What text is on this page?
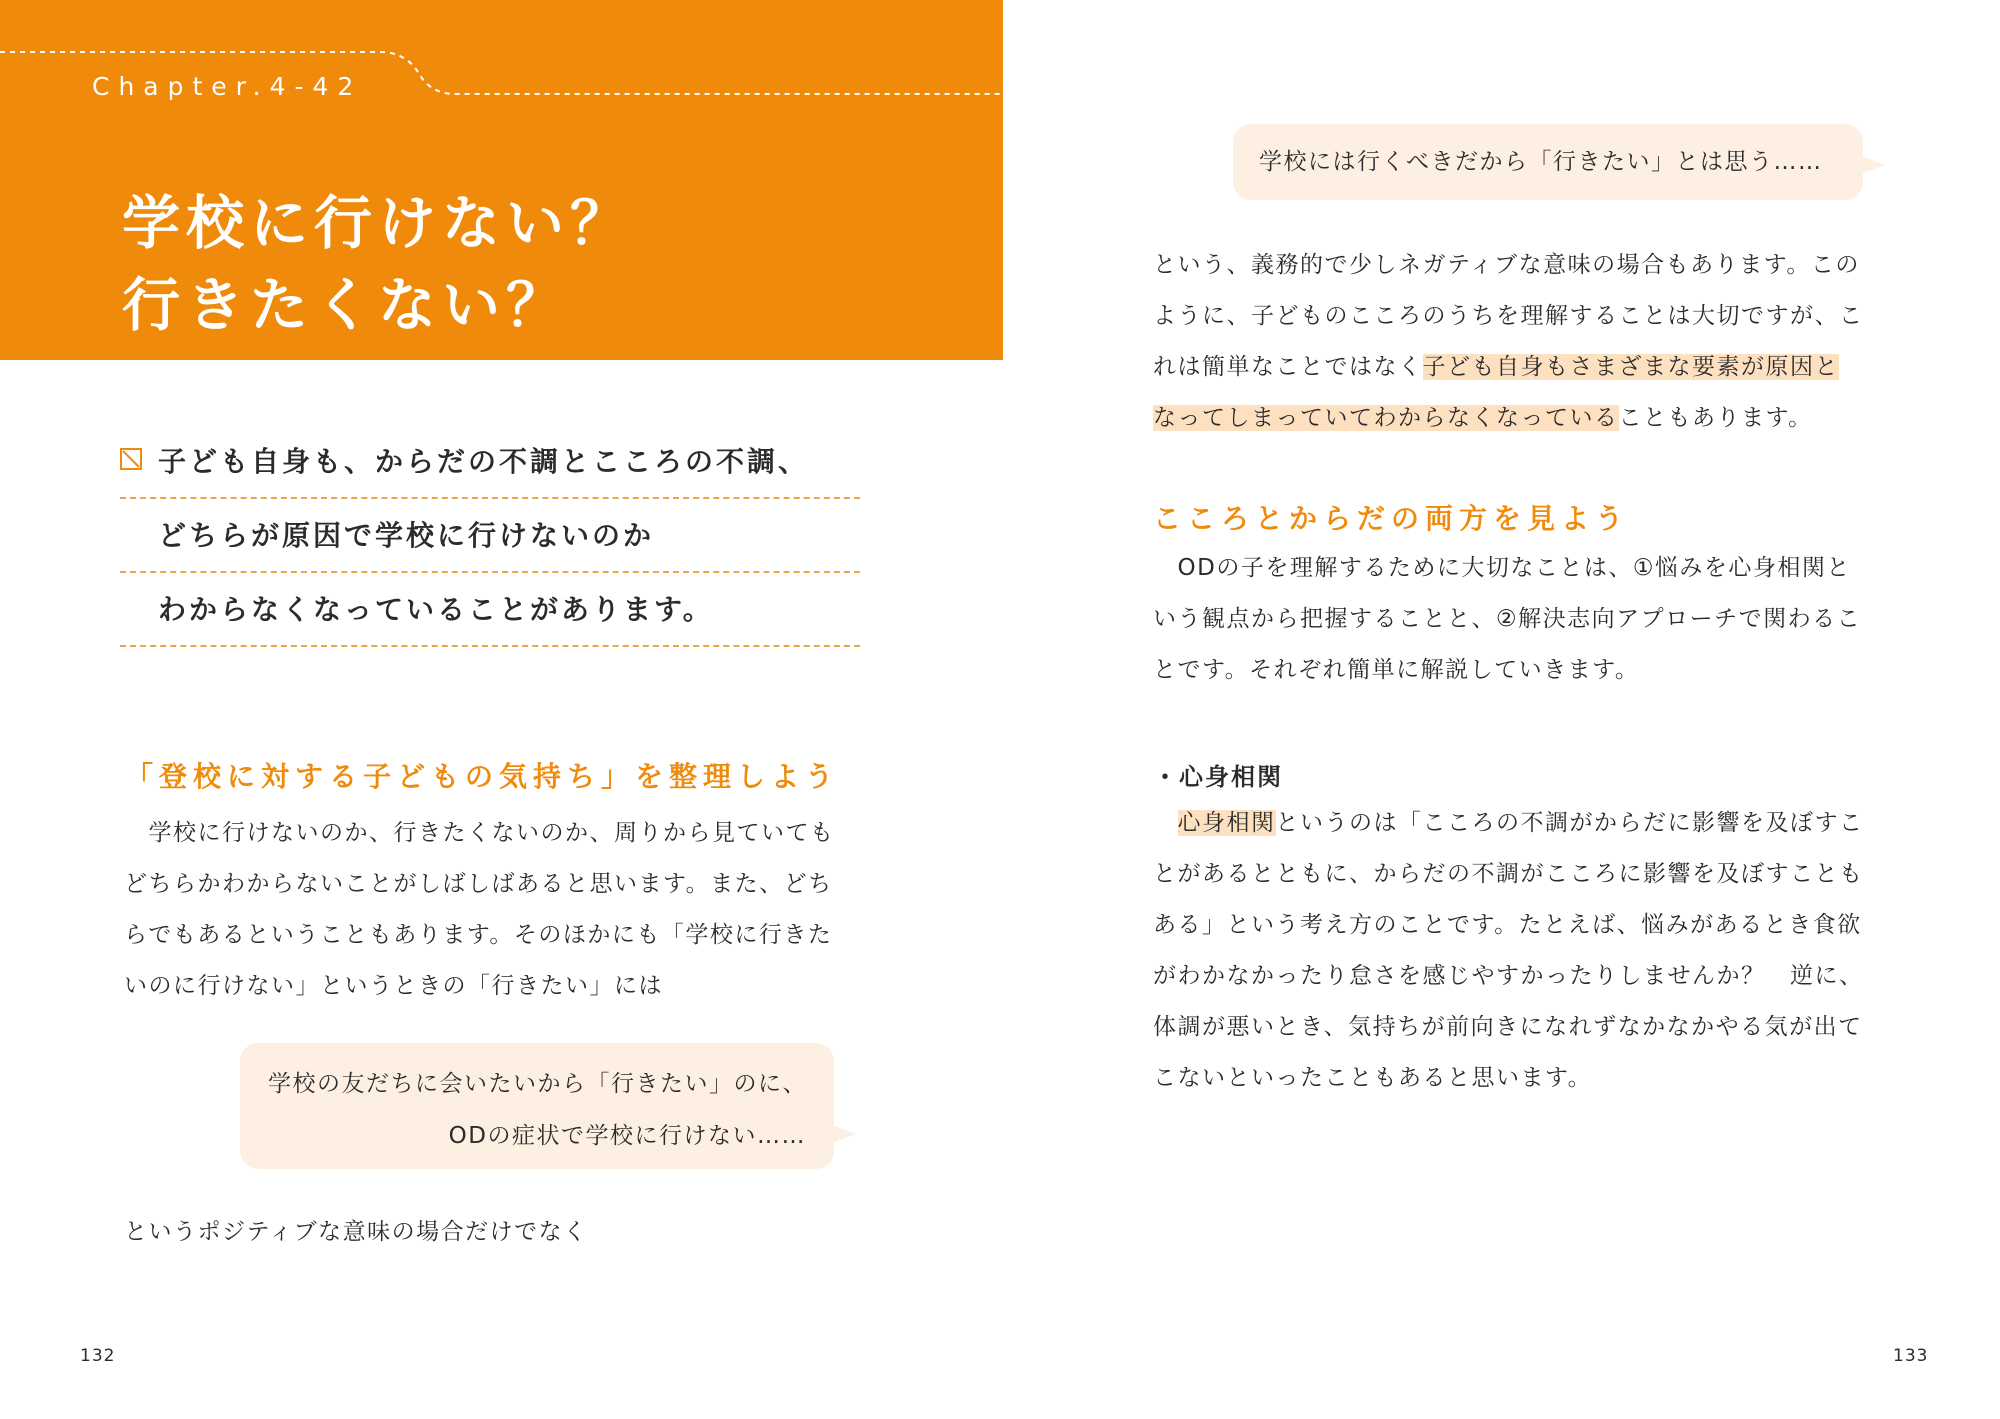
Chapter.4-42
学校に行けない？
行きたくない？
子ども自身も、からだの不調とこころの不調、
どちらが原因で学校に行けないのか
わからなくなっていることがあります。
「登校に対する子どもの気持ち」を整理しよう

　学校に行けないのか、行きたくないのか、周りから見ていても

どちらかわからないことがしばしばあると思います。また、どち

らでもあるということもあります。そのほかにも「学校に行きた

いのに行けない」というときの「行きたい」には

学校の友だちに会いたいから「行きたい」のに、
ODの症状で学校に行けない……

というポジティブな意味の場合だけでなく

132
学校には行くべきだから「行きたい」とは思う……

という、義務的で少しネガティブな意味の場合もあります。この

ように、子どものこころのうちを理解することは大切ですが、こ

れは簡単なことではなく子ども自身もさまざまな要素が原因と

なってしまっていてわからなくなっていることもあります。

こころとからだの両方を見よう

　ODの子を理解するために大切なことは、①悩みを心身相関と

いう観点から把握することと、②解決志向アプローチで関わるこ

とです。それぞれ簡単に解説していきます。

・心身相関

　心身相関というのは「こころの不調がからだに影響を及ぼすこ

とがあるとともに、からだの不調がこころに影響を及ぼすことも

ある」という考え方のことです。たとえば、悩みがあるとき食欲

がわかなかったり怠さを感じやすかったりしませんか？　逆に、

体調が悪いとき、気持ちが前向きになれずなかなかやる気が出て

こないといったこともあると思います。

133
